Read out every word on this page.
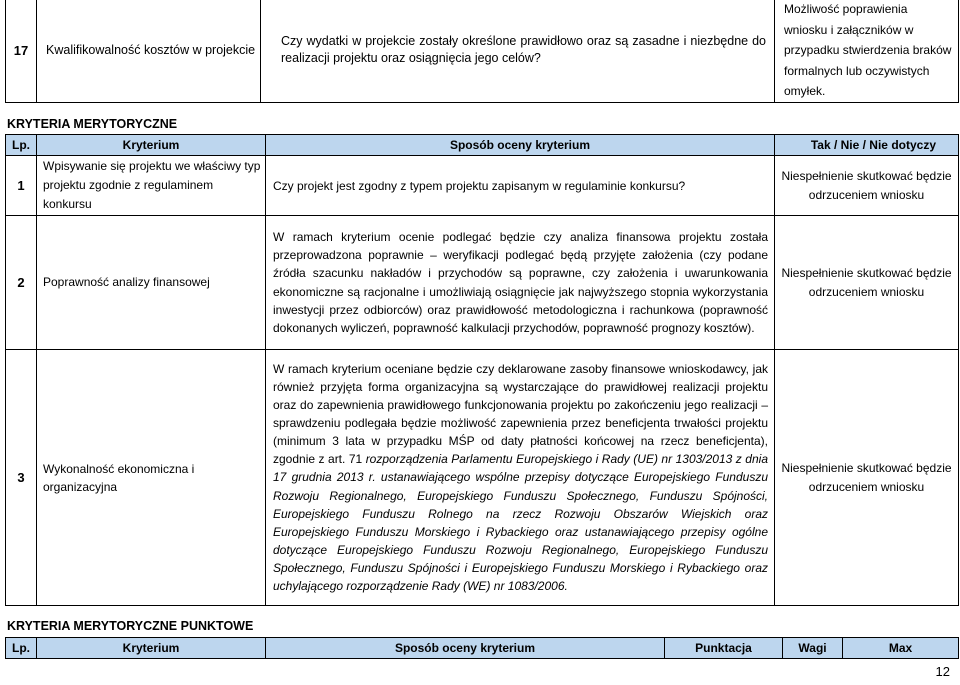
17	Kwalifikowalność kosztów w projekcie	Czy wydatki w projekcie zostały określone prawidłowo oraz są zasadne i niezbędne do realizacji projektu oraz osiągnięcia jego celów?	Możliwość poprawienia wniosku i załączników w przypadku stwierdzenia braków formalnych lub oczywistych omyłek.
KRYTERIA MERYTORYCZNE
Lp.	Kryterium	Sposób oceny kryterium	Tak / Nie / Nie dotyczy
1	Wpisywanie się projektu we właściwy typ projektu zgodnie z regulaminem konkursu	Czy projekt jest zgodny z typem projektu zapisanym w regulaminie konkursu?	Niespełnienie skutkować będzie odrzuceniem wniosku
2	Poprawność analizy finansowej	W ramach kryterium ocenie podlegać będzie czy analiza finansowa projektu została przeprowadzona poprawnie – weryfikacji podlegać będą przyjęte założenia (czy podane źródła szacunku nakładów i przychodów są poprawne, czy założenia i uwarunkowania ekonomiczne są racjonalne i umożliwiają osiągnięcie jak najwyższego stopnia wykorzystania inwestycji przez odbiorców) oraz prawidłowość metodologiczna i rachunkowa (poprawność dokonanych wyliczeń, poprawność kalkulacji przychodów, poprawność prognozy kosztów).	Niespełnienie skutkować będzie odrzuceniem wniosku
3	Wykonalność ekonomiczna i organizacyjna	W ramach kryterium oceniane będzie czy deklarowane zasoby finansowe wnioskodawcy, jak również przyjęta forma organizacyjna są wystarczające do prawidłowej realizacji projektu oraz do zapewnienia prawidłowego funkcjonowania projektu po zakończeniu jego realizacji – sprawdzeniu podlegała będzie możliwość zapewnienia przez beneficjenta trwałości projektu (minimum 3 lata w przypadku MŚP od daty płatności końcowej na rzecz beneficjenta), zgodnie z art. 71 rozporządzenia Parlamentu Europejskiego i Rady (UE) nr 1303/2013 z dnia 17 grudnia 2013 r. ustanawiającego wspólne przepisy dotyczące Europejskiego Funduszu Rozwoju Regionalnego, Europejskiego Funduszu Społecznego, Funduszu Spójności, Europejskiego Funduszu Rolnego na rzecz Rozwoju Obszarów Wiejskich oraz Europejskiego Funduszu Morskiego i Rybackiego oraz ustanawiającego przepisy ogólne dotyczące Europejskiego Funduszu Rozwoju Regionalnego, Europejskiego Funduszu Społecznego, Funduszu Spójności i Europejskiego Funduszu Morskiego i Rybackiego oraz uchylającego rozporządzenie Rady (WE) nr 1083/2006.	Niespełnienie skutkować będzie odrzuceniem wniosku
KRYTERIA MERYTORYCZNE PUNKTOWE
Lp.	Kryterium	Sposób oceny kryterium	Punktacja	Wagi	Max
12
